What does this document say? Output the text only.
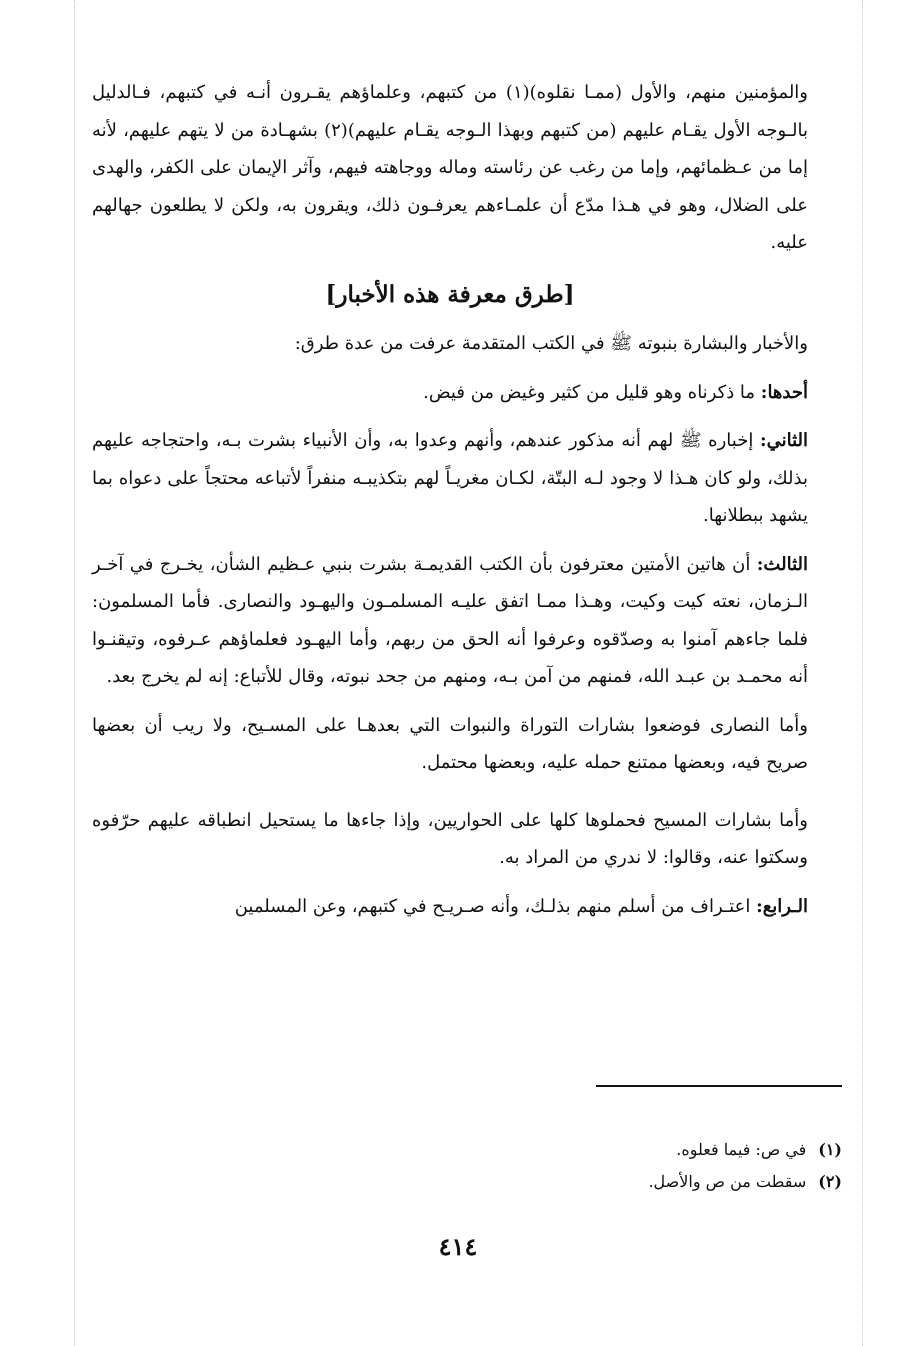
والمؤمنين منهم، والأول (ممـا نقلوه)(١) من كتبهم، وعلماؤهم يقـرون أنـه في كتبهم، فـالدليل بالـوجه الأول يقـام عليهم (من كتبهم وبهذا الـوجه يقـام عليهم)(٢) بشهـادة من لا يتهم عليهم، لأنه إما من عـظمائهم، وإما من رغب عن رئاسته وماله ووجاهته فيهم، وآثر الإيمان على الكفر، والهدى على الضلال، وهو في هـذا مدّع أن علمـاءهم يعرفـون ذلك، ويقرون به، ولكن لا يطلعون جهالهم عليه.

[طرق معرفة هذه الأخبار]

والأخبار والبشارة بنبوته ﷺ في الكتب المتقدمة عرفت من عدة طرق:

أحدها: ما ذكرناه وهو قليل من كثير وغيض من فيض.

الثاني: إخباره ﷺ لهم أنه مذكور عندهم، وأنهم وعدوا به، وأن الأنبياء بشرت بـه، واحتجاجه عليهم بذلك، ولو كان هـذا لا وجود لـه البتّة، لكـان مغريـاً لهم بتكذيبـه منفراً لأتباعه محتجاً على دعواه بما يشهد ببطلانها.

الثالث: أن هاتين الأمتين معترفون بأن الكتب القديمـة بشرت بنبي عـظيم الشأن، يخـرج في آخـر الـزمان، نعته كيت وكيت، وهـذا ممـا اتفق عليـه المسلمـون واليهـود والنصارى. فأما المسلمون: فلما جاءهم آمنوا به وصدّقوه وعرفوا أنه الحق من ربهم، وأما اليهـود فعلماؤهم عـرفوه، وتيقنـوا أنه محمـد بن عبـد الله، فمنهم من آمن بـه، ومنهم من جحد نبوته، وقال للأتباع: إنه لم يخرج بعد.

وأما النصارى فوضعوا بشارات التوراة والنبوات التي بعدهـا على المسـيح، ولا ريب أن بعضها صريح فيه، وبعضها ممتنع حمله عليه، وبعضها محتمل.

وأما بشارات المسيح فحملوها كلها على الحواريين، وإذا جاءها ما يستحيل انطباقه عليهم حرّفوه وسكتوا عنه، وقالوا: لا ندري من المراد به.

الـرابع: اعتـراف من أسلم منهم بذلـك، وأنه صـريـح في كتبهم، وعن المسلمين

(١)في ص: فيما فعلوه.
(٢)سقطت من ص والأصل.
٤١٤
